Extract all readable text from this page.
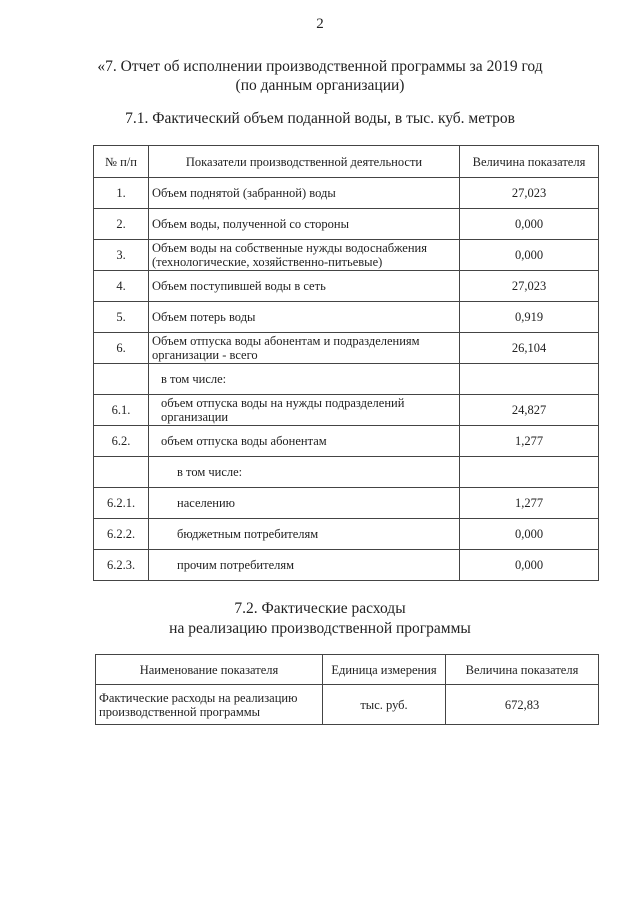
2
«7. Отчет об исполнении производственной программы за 2019 год
(по данным организации)
7.1. Фактический объем поданной воды, в тыс. куб. метров
№ п/п	Показатели производственной деятельности	Величина показателя
1.	Объем поднятой (забранной) воды	27,023
2.	Объем воды, полученной со стороны	0,000
3.	Объем воды на собственные нужды водоснабжения (технологические, хозяйственно-питьевые)	0,000
4.	Объем поступившей воды в сеть	27,023
5.	Объем потерь воды	0,919
6.	Объем отпуска воды абонентам и подразделениям организации - всего	26,104
	в том числе:	
6.1.	объем отпуска воды на нужды подразделений организации	24,827
6.2.	объем отпуска воды абонентам	1,277
	в том числе:	
6.2.1.	населению	1,277
6.2.2.	бюджетным потребителям	0,000
6.2.3.	прочим потребителям	0,000
7.2. Фактические расходы
на реализацию производственной программы
Наименование показателя	Единица измерения	Величина показателя
Фактические расходы на реализацию производственной программы	тыс. руб.	672,83
